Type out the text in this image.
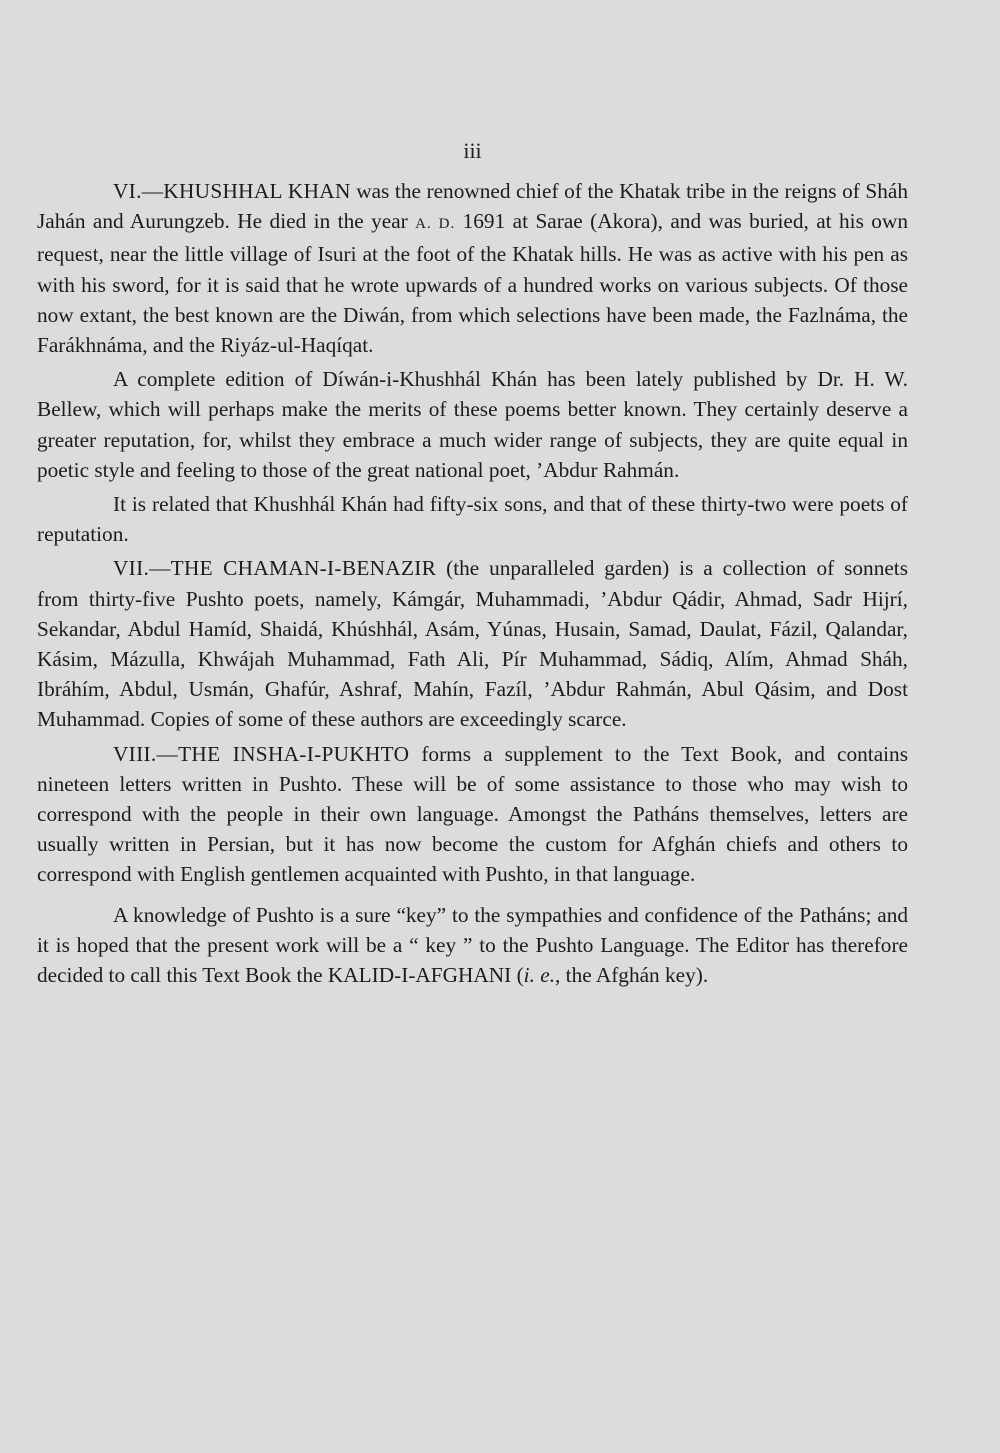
iii

VI.—KHUSHHAL KHAN was the renowned chief of the Khatak tribe in the reigns of Sháh Jahán and Aurungzeb. He died in the year A. D. 1691 at Sarae (Akora), and was buried, at his own request, near the little village of Isuri at the foot of the Khatak hills. He was as active with his pen as with his sword, for it is said that he wrote upwards of a hundred works on various subjects. Of those now extant, the best known are the Diwán, from which selections have been made, the Fazlnáma, the Farákhnáma, and the Riyáz-ul-Haqíqat.

A complete edition of Díwán-i-Khushhál Khán has been lately published by Dr. H. W. Bellew, which will perhaps make the merits of these poems better known. They certainly deserve a greater reputation, for, whilst they embrace a much wider range of subjects, they are quite equal in poetic style and feeling to those of the great national poet, ’Abdur Rahmán.

It is related that Khushhál Khán had fifty-six sons, and that of these thirty-two were poets of reputation.

VII.—THE CHAMAN-I-BENAZIR (the unparalleled garden) is a collection of sonnets from thirty-five Pushto poets, namely, Kámgár, Muhammadi, ’Abdur Qádir, Ahmad, Sadr Hijrí, Sekandar, Abdul Hamíd, Shaidá, Khúshhál, Asám, Yúnas, Husain, Samad, Daulat, Fázil, Qalandar, Kásim, Mázulla, Khwájah Muhammad, Fath Ali, Pír Muhammad, Sádiq, Alím, Ahmad Sháh, Ibráhím, Abdul, Usmán, Ghafúr, Ashraf, Mahín, Fazíl, ’Abdur Rahmán, Abul Qásim, and Dost Muhammad. Copies of some of these authors are exceedingly scarce.

VIII.—THE INSHA-I-PUKHTO forms a supplement to the Text Book, and contains nineteen letters written in Pushto. These will be of some assistance to those who may wish to correspond with the people in their own language. Amongst the Patháns themselves, letters are usually written in Persian, but it has now become the custom for Afghán chiefs and others to correspond with English gentlemen acquainted with Pushto, in that language.

A knowledge of Pushto is a sure “key” to the sympathies and confidence of the Patháns; and it is hoped that the present work will be a “ key ” to the Pushto Language. The Editor has therefore decided to call this Text Book the KALID-I-AFGHANI (i. e., the Afghán key).
